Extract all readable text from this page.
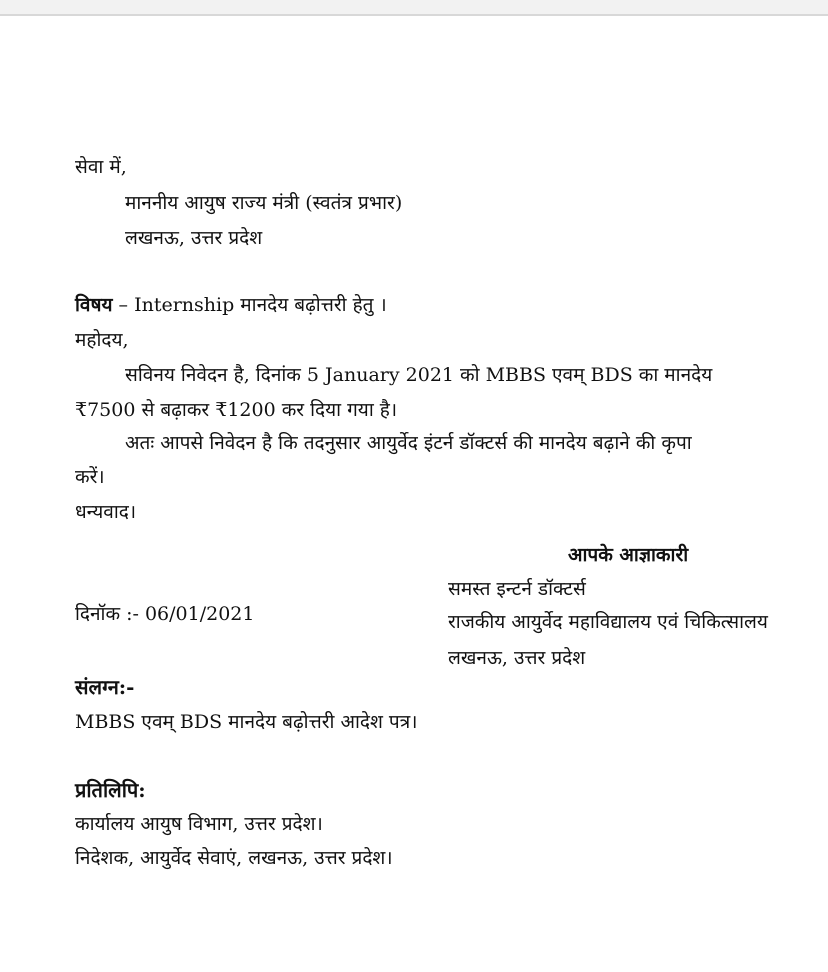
सेवा में,
माननीय आयुष राज्य मंत्री (स्वतंत्र प्रभार)
लखनऊ, उत्तर प्रदेश
विषय – Internship मानदेय बढ़ोत्तरी हेतु ।
महोदय,
सविनय निवेदन है, दिनांक 5 January 2021 को MBBS एवम् BDS का मानदेय
₹7500 से बढ़ाकर ₹1200 कर दिया गया है।
अतः आपसे निवेदन है कि तदनुसार आयुर्वेद इंटर्न डॉक्टर्स की मानदेय बढ़ाने की कृपा
करें।
धन्यवाद।
आपके आज्ञाकारी
समस्त इन्टर्न डॉक्टर्स
राजकीय आयुर्वेद महाविद्यालय एवं चिकित्सालय
लखनऊ, उत्तर प्रदेश
दिनॉक :- 06/01/2021
संलग्न:-
MBBS एवम् BDS मानदेय बढ़ोत्तरी आदेश पत्र।
प्रतिलिपि:
कार्यालय आयुष विभाग, उत्तर प्रदेश।
निदेशक, आयुर्वेद सेवाएं, लखनऊ, उत्तर प्रदेश।
